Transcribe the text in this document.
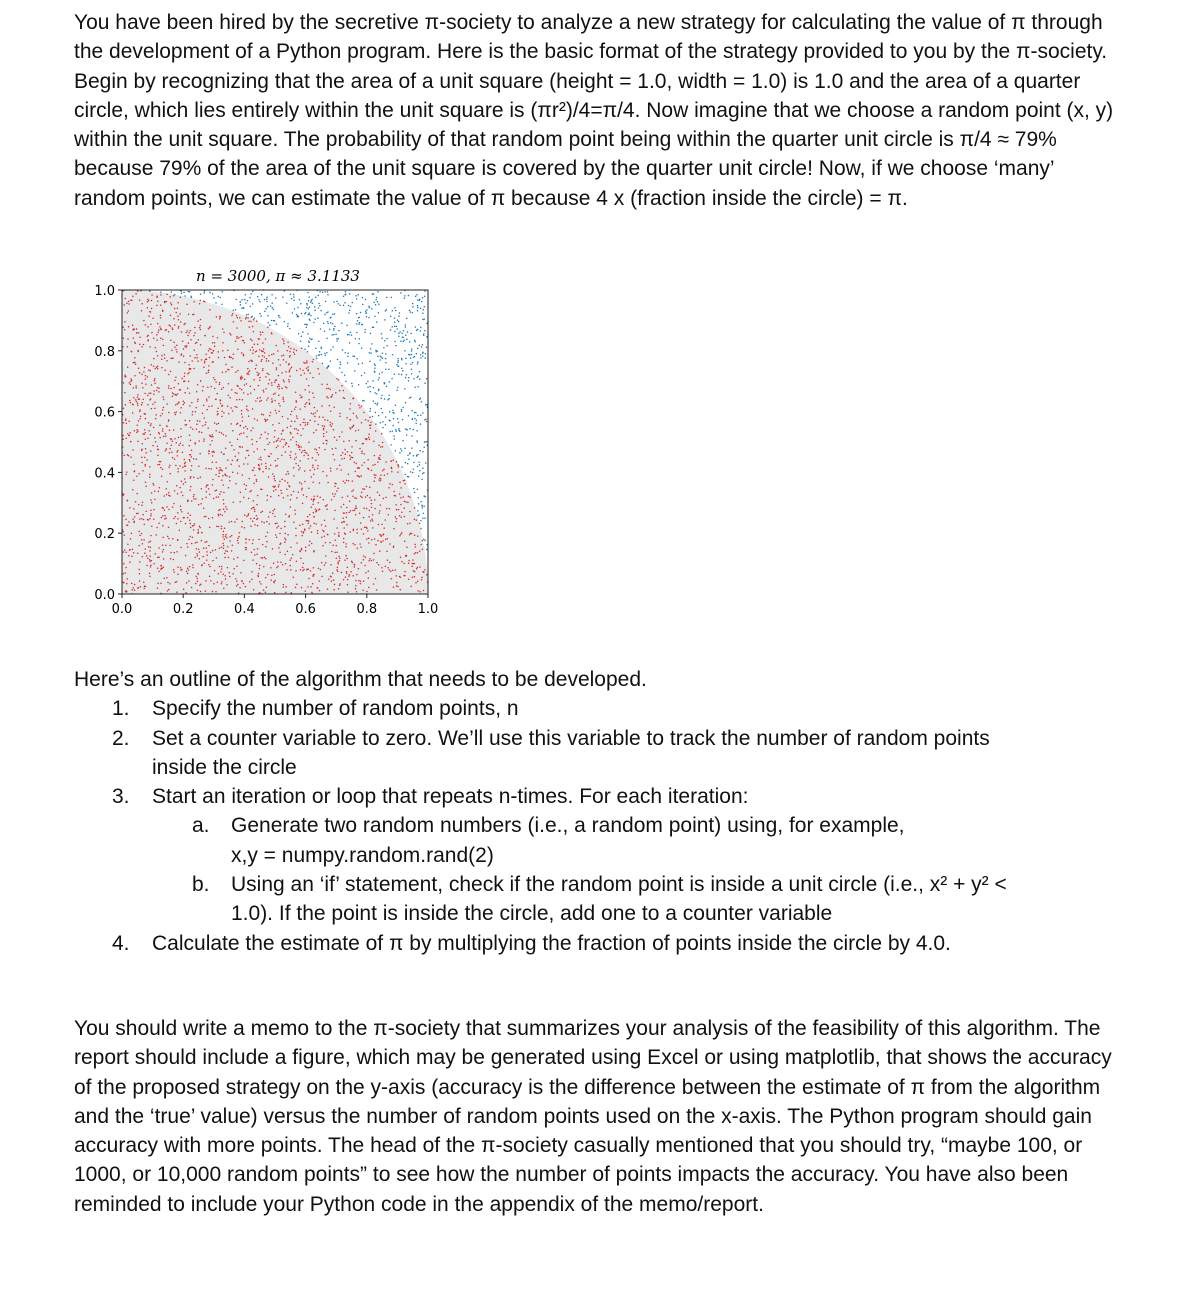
You have been hired by the secretive π-society to analyze a new strategy for calculating the value of π through the development of a Python program. Here is the basic format of the strategy provided to you by the π-society. Begin by recognizing that the area of a unit square (height = 1.0, width = 1.0) is 1.0 and the area of a quarter circle, which lies entirely within the unit square is (πr²)/4=π/4. Now imagine that we choose a random point (x, y) within the unit square. The probability of that random point being within the quarter unit circle is π/4 ≈ 79% because 79% of the area of the unit square is covered by the quarter unit circle! Now, if we choose ‘many’ random points, we can estimate the value of π because 4 x (fraction inside the circle) = π.

n = 3000, π ≈ 3.1133
0.0	0.2	0.4	0.6	0.8	1.0
0.0
0.2
0.4
0.6
0.8
1.0
Here’s an outline of the algorithm that needs to be developed.
1. Specify the number of random points, n
2. Set a counter variable to zero. We’ll use this variable to track the number of random points
inside the circle
3. Start an iteration or loop that repeats n-times. For each iteration:
a. Generate two random numbers (i.e., a random point) using, for example,
x,y = numpy.random.rand(2)
b. Using an ‘if’ statement, check if the random point is inside a unit circle (i.e., x² + y² <
1.0). If the point is inside the circle, add one to a counter variable
4. Calculate the estimate of π by multiplying the fraction of points inside the circle by 4.0.

You should write a memo to the π-society that summarizes your analysis of the feasibility of this algorithm. The report should include a figure, which may be generated using Excel or using matplotlib, that shows the accuracy of the proposed strategy on the y-axis (accuracy is the difference between the estimate of π from the algorithm and the ‘true’ value) versus the number of random points used on the x-axis. The Python program should gain accuracy with more points. The head of the π-society casually mentioned that you should try, “maybe 100, or 1000, or 10,000 random points” to see how the number of points impacts the accuracy. You have also been reminded to include your Python code in the appendix of the memo/report.
